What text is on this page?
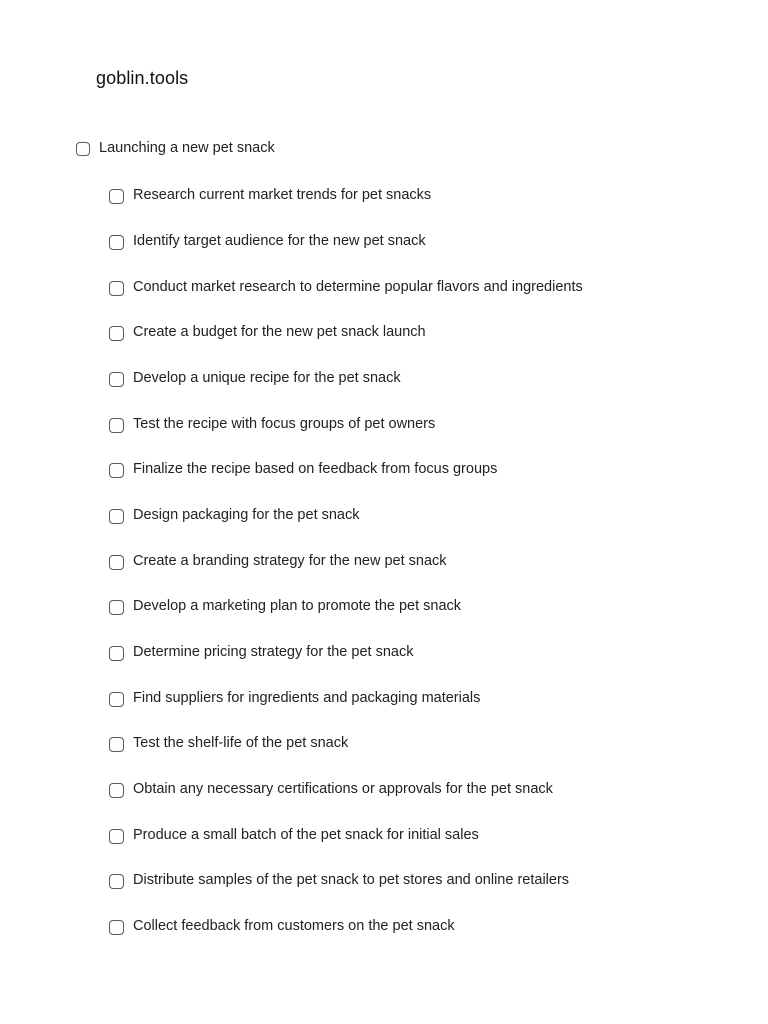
goblin.tools
Launching a new pet snack
Research current market trends for pet snacks
Identify target audience for the new pet snack
Conduct market research to determine popular flavors and ingredients
Create a budget for the new pet snack launch
Develop a unique recipe for the pet snack
Test the recipe with focus groups of pet owners
Finalize the recipe based on feedback from focus groups
Design packaging for the pet snack
Create a branding strategy for the new pet snack
Develop a marketing plan to promote the pet snack
Determine pricing strategy for the pet snack
Find suppliers for ingredients and packaging materials
Test the shelf-life of the pet snack
Obtain any necessary certifications or approvals for the pet snack
Produce a small batch of the pet snack for initial sales
Distribute samples of the pet snack to pet stores and online retailers
Collect feedback from customers on the pet snack
